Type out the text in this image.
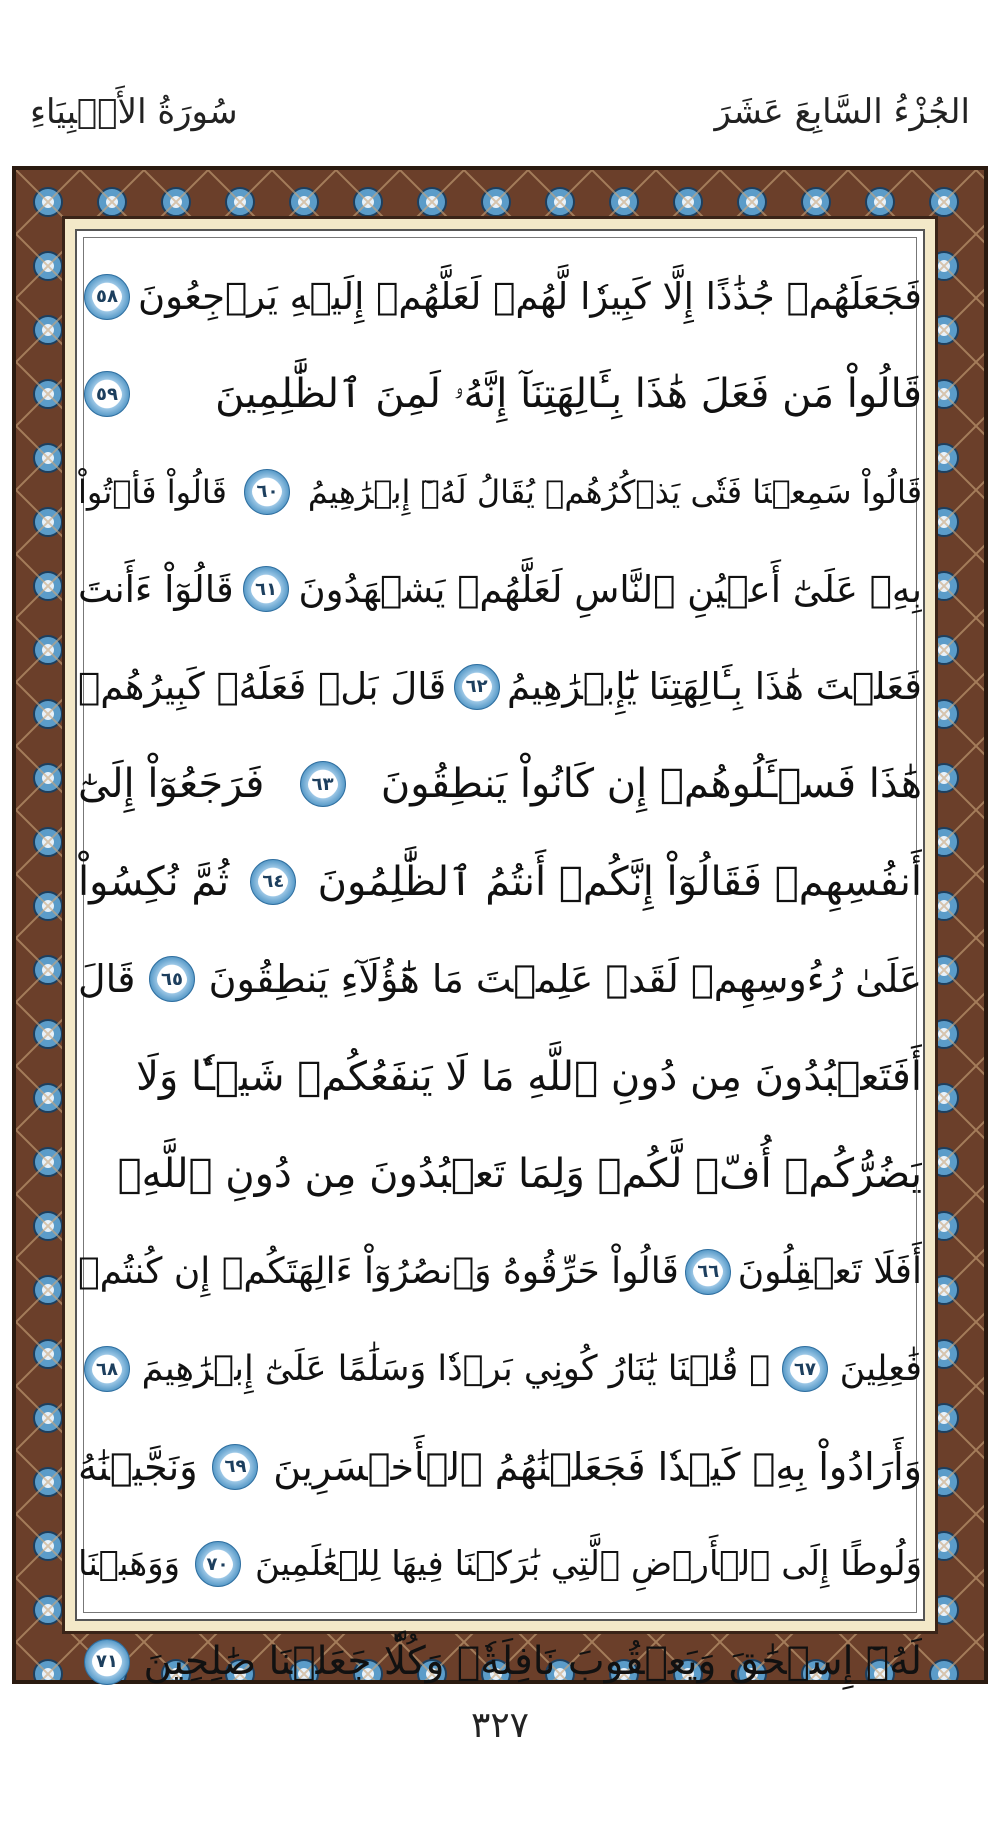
الجُزْءُ السَّابِعَ عَشَرَ
سُورَةُ الأَنۢبِيَاءِ
فَجَعَلَهُمۡ جُذَٰذًا إِلَّا كَبِيرٗا لَّهُمۡ لَعَلَّهُمۡ إِلَيۡهِ يَرۡجِعُونَ
٥٨
قَالُواْ مَن فَعَلَ هَٰذَا بِـَٔالِهَتِنَآ إِنَّهُۥ لَمِنَ ٱلظَّٰلِمِينَ
٥٩
قَالُواْ سَمِعۡنَا فَتٗى يَذۡكُرُهُمۡ يُقَالُ لَهُۥٓ إِبۡرَٰهِيمُ
٦٠
قَالُواْ فَأۡتُواْ
بِهِۦ عَلَىٰٓ أَعۡيُنِ ٱلنَّاسِ لَعَلَّهُمۡ يَشۡهَدُونَ
٦١
قَالُوٓاْ ءَأَنتَ
فَعَلۡتَ هَٰذَا بِـَٔالِهَتِنَا يَٰٓإِبۡرَٰهِيمُ
٦٢
قَالَ بَلۡ فَعَلَهُۥ كَبِيرُهُمۡ
هَٰذَا فَسۡـَٔلُوهُمۡ إِن كَانُواْ يَنطِقُونَ
٦٣
فَرَجَعُوٓاْ إِلَىٰٓ
أَنفُسِهِمۡ فَقَالُوٓاْ إِنَّكُمۡ أَنتُمُ ٱلظَّٰلِمُونَ
٦٤
ثُمَّ نُكِسُواْ
عَلَىٰ رُءُوسِهِمۡ لَقَدۡ عَلِمۡتَ مَا هَٰٓؤُلَآءِ يَنطِقُونَ
٦٥
قَالَ
أَفَتَعۡبُدُونَ مِن دُونِ ٱللَّهِ مَا لَا يَنفَعُكُمۡ شَيۡـٔٗا وَلَا
يَضُرُّكُمۡ أُفّٖ لَّكُمۡ وَلِمَا تَعۡبُدُونَ مِن دُونِ ٱللَّهِۚ
أَفَلَا تَعۡقِلُونَ
٦٦
قَالُواْ حَرِّقُوهُ وَٱنصُرُوٓاْ ءَالِهَتَكُمۡ إِن كُنتُمۡ
فَٰعِلِينَ
٦٧
۞ قُلۡنَا يَٰنَارُ كُونِي بَرۡدٗا وَسَلَٰمًا عَلَىٰٓ إِبۡرَٰهِيمَ
٦٨
وَأَرَادُواْ بِهِۦ كَيۡدٗا فَجَعَلۡنَٰهُمُ ٱلۡأَخۡسَرِينَ
٦٩
وَنَجَّيۡنَٰهُ
وَلُوطًا إِلَى ٱلۡأَرۡضِ ٱلَّتِي بَٰرَكۡنَا فِيهَا لِلۡعَٰلَمِينَ
٧٠
وَوَهَبۡنَا
لَهُۥٓ إِسۡحَٰقَ وَيَعۡقُوبَ نَافِلَةٗۖ وَكُلّٗا جَعَلۡنَا صَٰلِحِينَ
٧١
٣٢٧
